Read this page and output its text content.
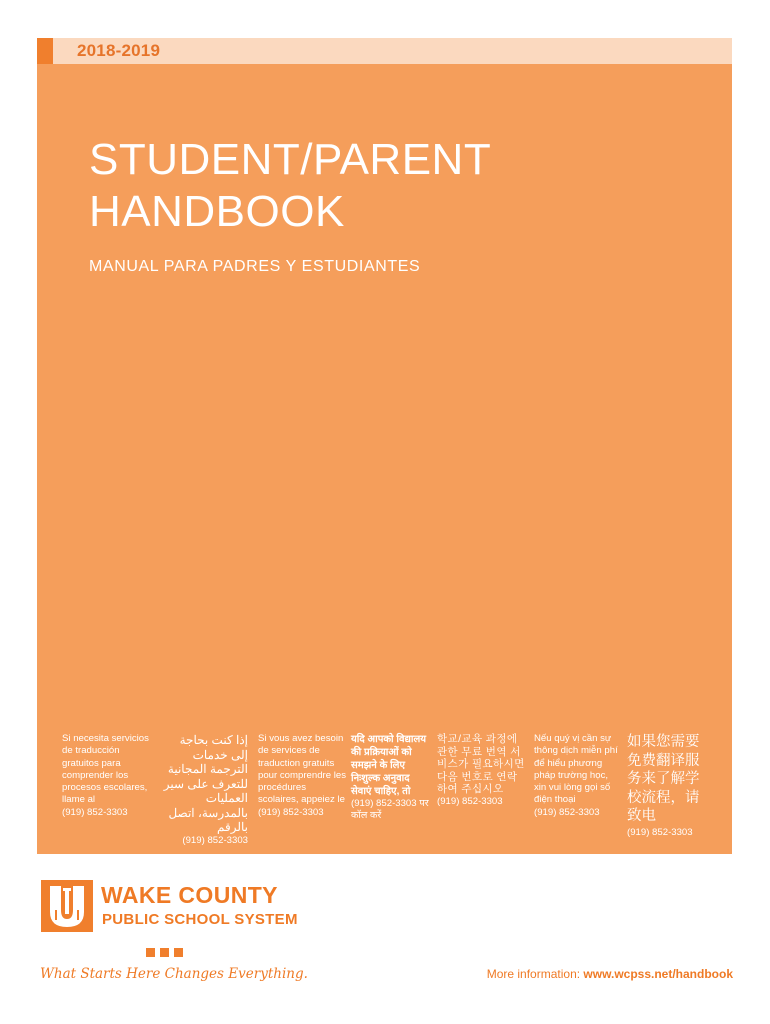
2018-2019
STUDENT/PARENT
HANDBOOK

MANUAL PARA PADRES Y ESTUDIANTES

Si necesita servicios de traducción gratuitos para comprender los procesos escolares, llame al
(919) 852-3303
إذا كنت بحاجة إلى خدمات الترجمة المجانية للتعرف على سير العمليات بالمدرسة، اتصل بالرقم
(919) 852-3303
Si vous avez besoin de services de traduction gratuits pour comprendre les procédures scolaires, appeiez le (919) 852-3303
यदि आपको विद्यालय की प्रक्रियाओं को समझने के लिए निःशुल्क अनुवाद सेवाएं चाहिए, तो
(919) 852-3303 पर कॉल करें
학교/교육 과정에 관한 무료 번역 서비스가 필요하시면 다음 번호로 연락하여 주십시오
(919) 852-3303
Nếu quý vị cần sự thông dịch miễn phí để hiểu phương pháp trường học, xin vui lòng gọi số điện thoại
(919) 852-3303
如果您需要免费翻译服务来了解学校流程，请致电
(919) 852-3303
WAKE COUNTY
PUBLIC SCHOOL SYSTEM
What Starts Here Changes Everything.	More information: www.wcpss.net/handbook
